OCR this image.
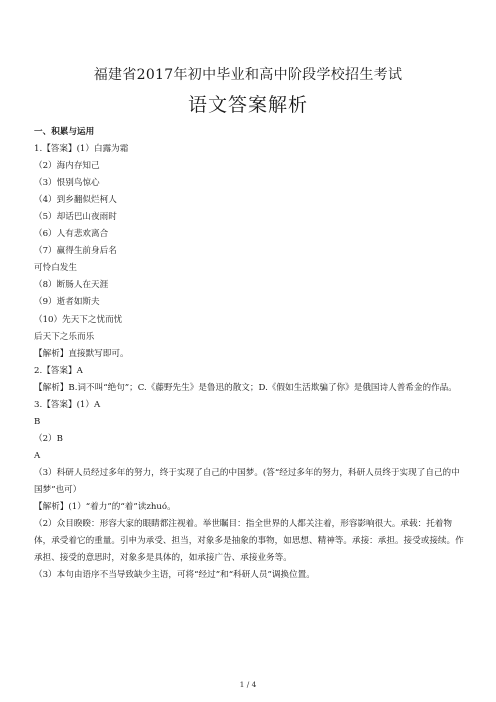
福建省2017年初中毕业和高中阶段学校招生考试
语文答案解析
一、积累与运用
1.【答案】(1）白露为霜
（2）海内存知己
（3）恨别鸟惊心
（4）到乡翻似烂柯人
（5）却话巴山夜雨时
（6）人有悲欢离合
（7）赢得生前身后名
可怜白发生
（8）断肠人在天涯
（9）逝者如斯夫
（10）先天下之忧而忧
后天下之乐而乐
【解析】直接默写即可。
2.【答案】A
【解析】B.词不叫“绝句”；C.《藤野先生》是鲁迅的散文；D.《假如生活欺骗了你》是俄国诗人普希金的作品。
3.【答案】(1）A
B
（2）B
A
（3）科研人员经过多年的努力，终于实现了自己的中国梦。(答“经过多年的努力，科研人员终于实现了自己的中国梦”也可）
【解析】(1）“着力”的“着”读zhuó。
（2）众目睽睽：形容大家的眼睛都注视着。举世瞩目：指全世界的人都关注着，形容影响很大。承载：托着物体，承受着它的重量。引申为承受、担当，对象多是抽象的事物，如思想、精神等。承接：承担。接受或接续。作承担、接受的意思时，对象多是具体的，如承接广告、承接业务等。
（3）本句由语序不当导致缺少主语，可将“经过”和“科研人员”调换位置。
1 / 4
